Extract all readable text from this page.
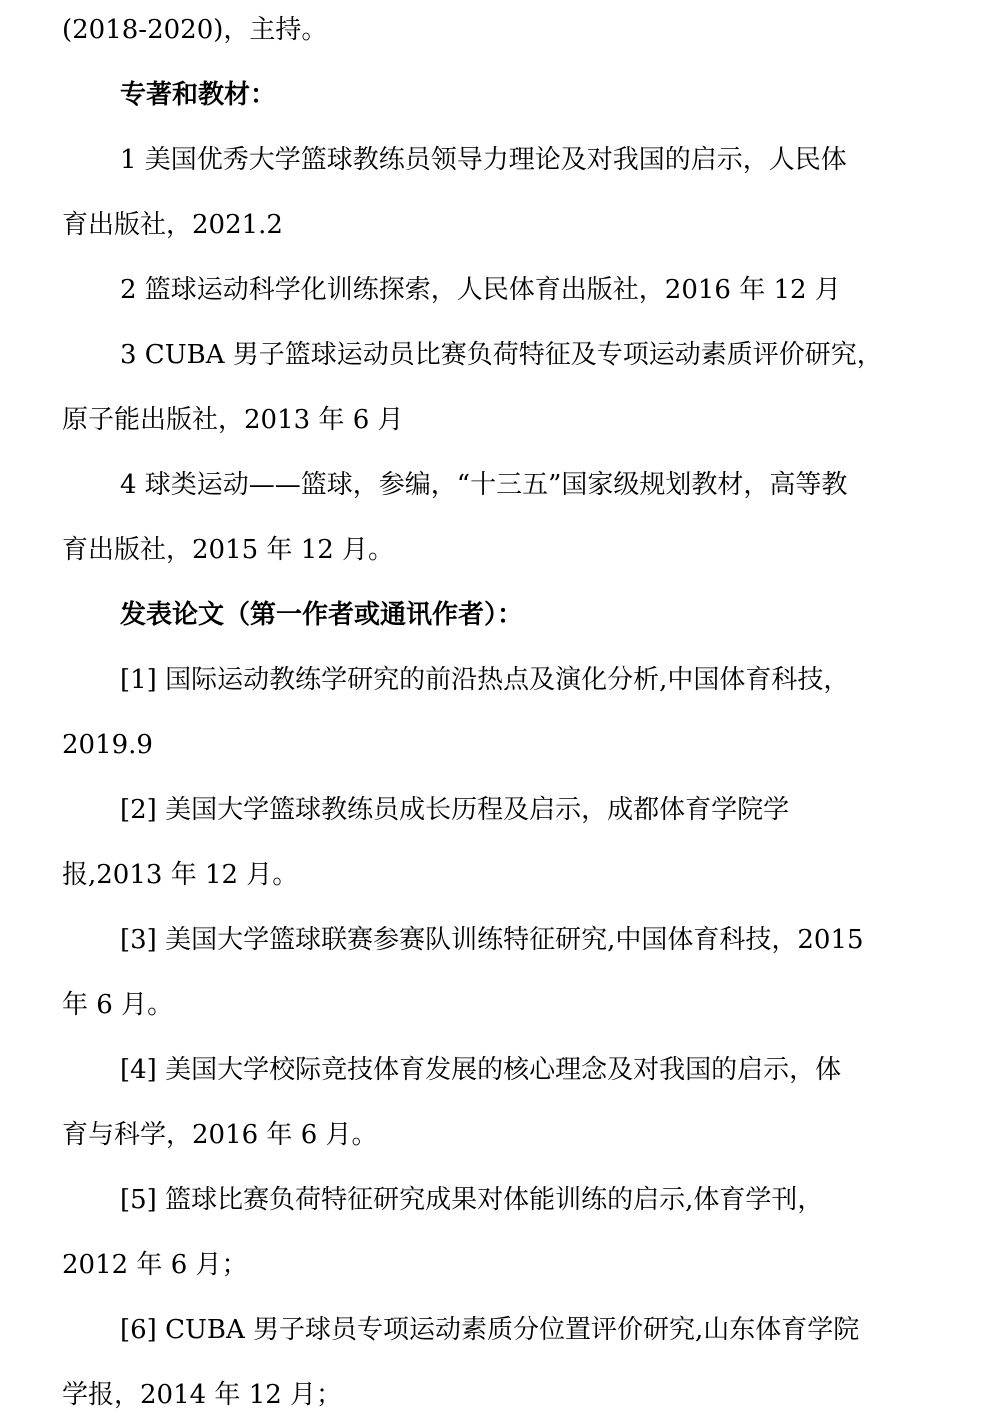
(2018-2020)，主持。
专著和教材：
1 美国优秀大学篮球教练员领导力理论及对我国的启示，人民体
育出版社，2021.2
2 篮球运动科学化训练探索，人民体育出版社，2016 年 12 月
3 CUBA 男子篮球运动员比赛负荷特征及专项运动素质评价研究，
原子能出版社，2013 年 6 月
4 球类运动——篮球，参编，“十三五”国家级规划教材，高等教
育出版社，2015 年 12 月。
发表论文（第一作者或通讯作者）：
[1] 国际运动教练学研究的前沿热点及演化分析,中国体育科技，
2019.9
[2] 美国大学篮球教练员成长历程及启示，成都体育学院学
报,2013 年 12 月。
[3] 美国大学篮球联赛参赛队训练特征研究,中国体育科技，2015
年 6 月。
[4] 美国大学校际竞技体育发展的核心理念及对我国的启示，体
育与科学，2016 年 6 月。
[5] 篮球比赛负荷特征研究成果对体能训练的启示,体育学刊，
2012 年 6 月；
[6] CUBA 男子球员专项运动素质分位置评价研究,山东体育学院
学报，2014 年 12 月；
